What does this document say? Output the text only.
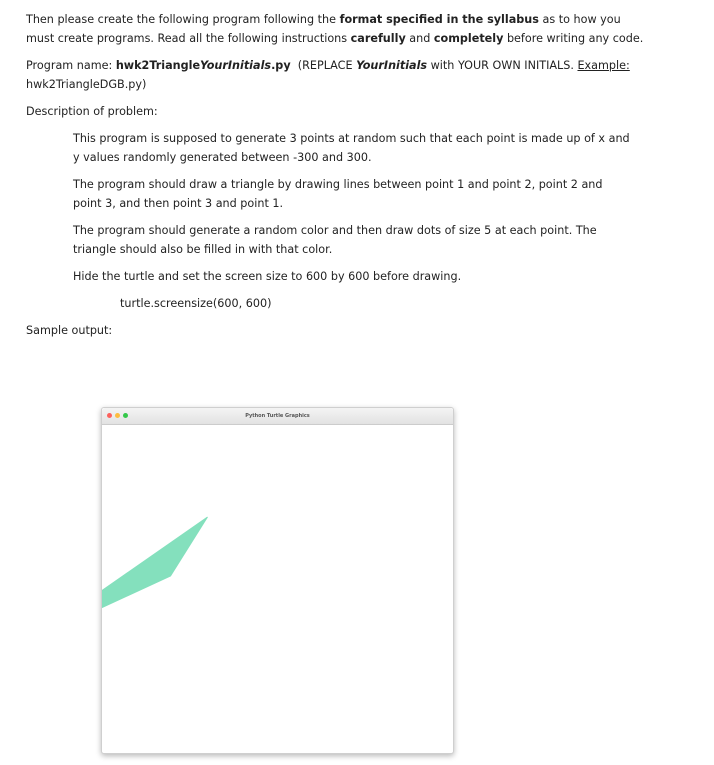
Then please create the following program following the format specified in the syllabus as to how you must create programs. Read all the following instructions carefully and completely before writing any code.

Program name: hwk2TriangleYourInitials.py  (REPLACE YourInitials with YOUR OWN INITIALS. Example: hwk2TriangleDGB.py)

Description of problem:

This program is supposed to generate 3 points at random such that each point is made up of x and y values randomly generated between -300 and 300.

The program should draw a triangle by drawing lines between point 1 and point 2, point 2 and point 3, and then point 3 and point 1.

The program should generate a random color and then draw dots of size 5 at each point. The triangle should also be filled in with that color.

Hide the turtle and set the screen size to 600 by 600 before drawing.

turtle.screensize(600, 600)

Sample output:

Python Turtle Graphics
